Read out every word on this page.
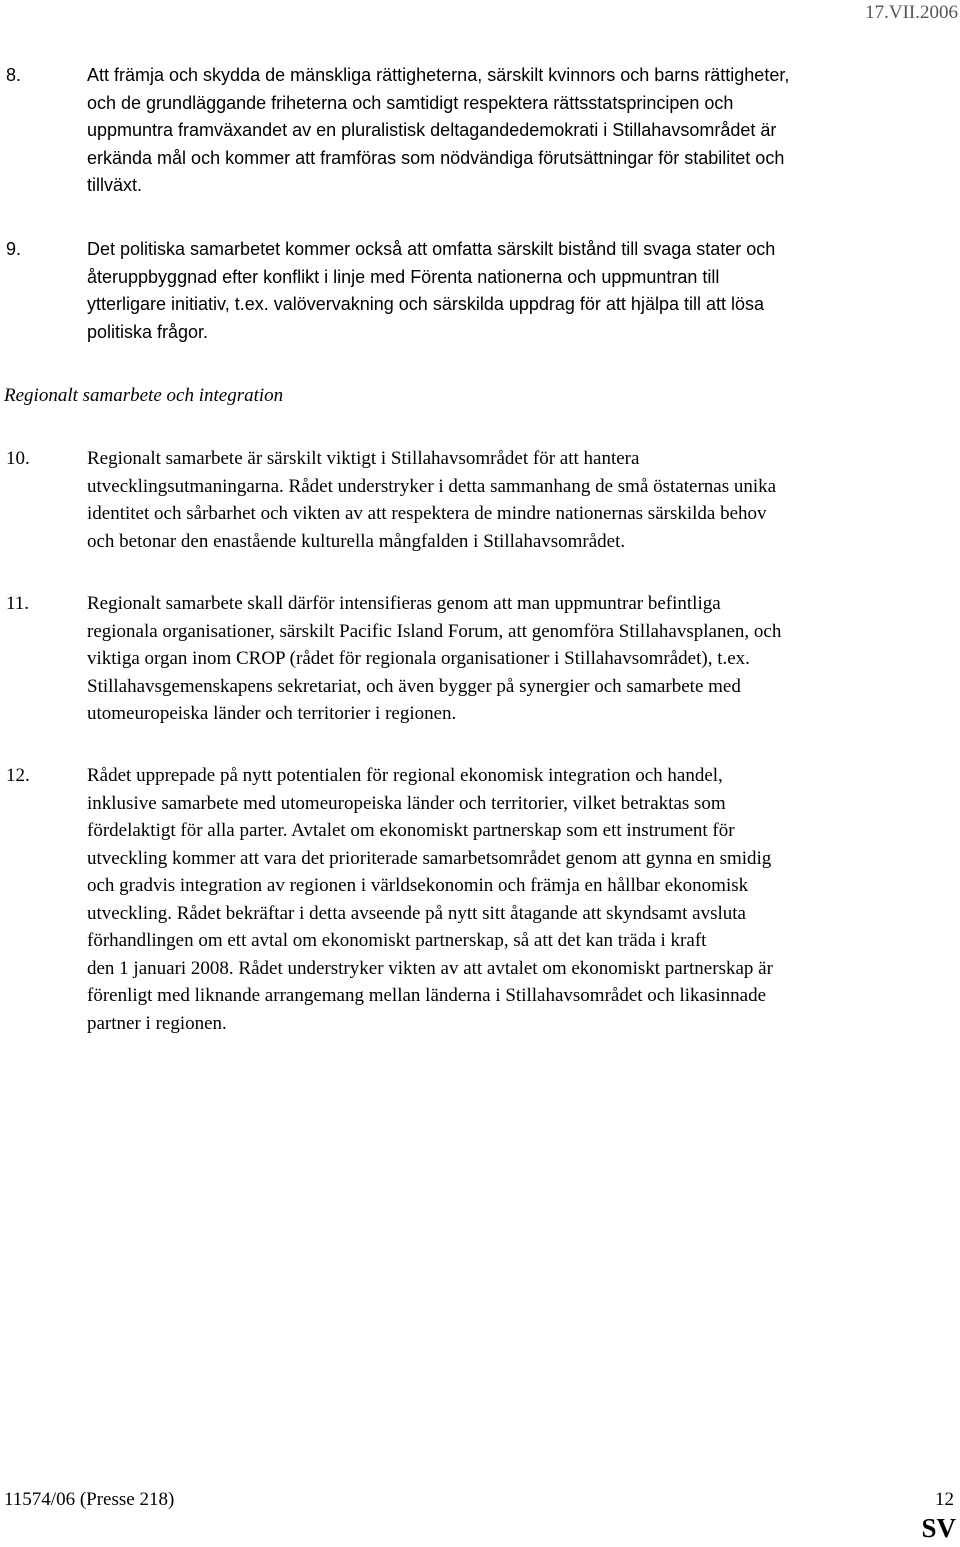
17.VII.2006
8.	Att främja och skydda de mänskliga rättigheterna, särskilt kvinnors och barns rättigheter,
och de grundläggande friheterna och samtidigt respektera rättsstatsprincipen och
uppmuntra framväxandet av en pluralistisk deltagandedemokrati i Stillahavsområdet är
erkända mål och kommer att framföras som nödvändiga förutsättningar för stabilitet och
tillväxt.
9.	Det politiska samarbetet kommer också att omfatta särskilt bistånd till svaga stater och
återuppbyggnad efter konflikt i linje med Förenta nationerna och uppmuntran till
ytterligare initiativ, t.ex. valövervakning och särskilda uppdrag för att hjälpa till att lösa
politiska frågor.
Regionalt samarbete och integration
10.	Regionalt samarbete är särskilt viktigt i Stillahavsområdet för att hantera
utvecklingsutmaningarna. Rådet understryker i detta sammanhang de små östaternas unika
identitet och sårbarhet och vikten av att respektera de mindre nationernas särskilda behov
och betonar den enastående kulturella mångfalden i Stillahavsområdet.
11.	Regionalt samarbete skall därför intensifieras genom att man uppmuntrar befintliga
regionala organisationer, särskilt Pacific Island Forum, att genomföra Stillahavsplanen, och
viktiga organ inom CROP (rådet för regionala organisationer i Stillahavsområdet), t.ex.
Stillahavsgemenskapens sekretariat, och även bygger på synergier och samarbete med
utomeuropeiska länder och territorier i regionen.
12.	Rådet upprepade på nytt potentialen för regional ekonomisk integration och handel,
inklusive samarbete med utomeuropeiska länder och territorier, vilket betraktas som
fördelaktigt för alla parter. Avtalet om ekonomiskt partnerskap som ett instrument för
utveckling kommer att vara det prioriterade samarbetsområdet genom att gynna en smidig
och gradvis integration av regionen i världsekonomin och främja en hållbar ekonomisk
utveckling. Rådet bekräftar i detta avseende på nytt sitt åtagande att skyndsamt avsluta
förhandlingen om ett avtal om ekonomiskt partnerskap, så att det kan träda i kraft
den 1 januari 2008. Rådet understryker vikten av att avtalet om ekonomiskt partnerskap är
förenligt med liknande arrangemang mellan länderna i Stillahavsområdet och likasinnade
partner i regionen.
11574/06 (Presse 218)	12
SV
